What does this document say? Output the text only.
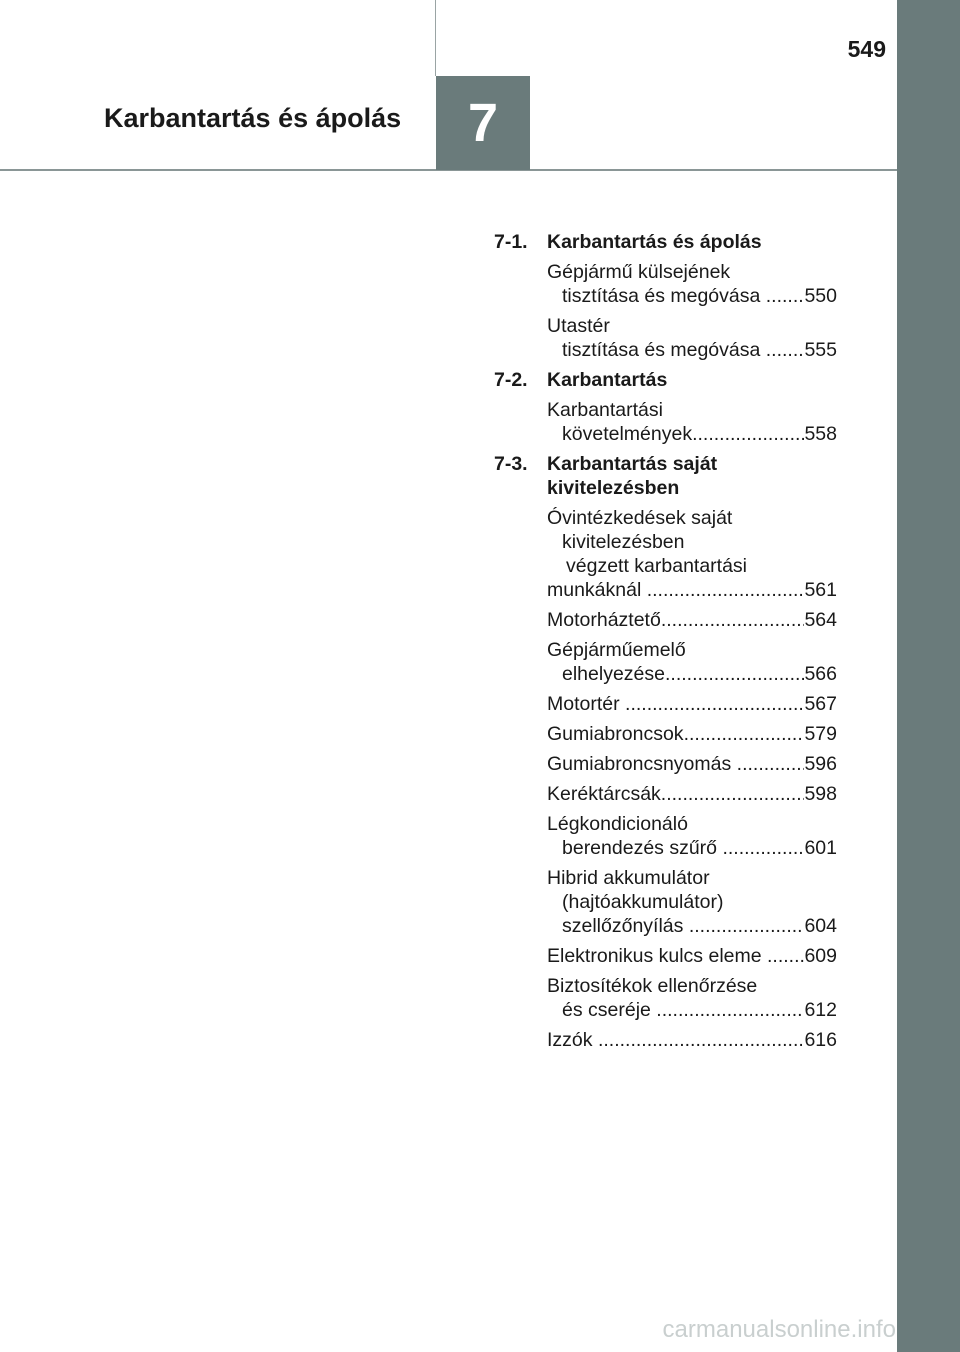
Karbantartás és ápolás	7
549
7-1. Karbantartás és ápolás
Gépjármű külsejének
tisztítása és megóvása ..... 550
Utastér
tisztítása és megóvása ..... 555
7-2. Karbantartás
Karbantartási
követelmények .....	558
7-3. Karbantartás saját
kivitelezésben
Óvintézkedések saját
kivitelezésben
végzett karbantartási
munkáknál .....	561
Motorháztető .....	564
Gépjárműemelő
elhelyezése .....	566
Motortér .....	567
Gumiabroncsok .....	579
Gumiabroncsnyomás .....	596
Keréktárcsák .....	598
Légkondicionáló
berendezés szűrő .....	601
Hibrid akkumulátor
(hajtóakkumulátor)
szellőzőnyílás .....	604
Elektronikus kulcs eleme ..... 609
Biztosítékok ellenőrzése
és cseréje .....	612
Izzók .....	616
carmanualsonline.info
